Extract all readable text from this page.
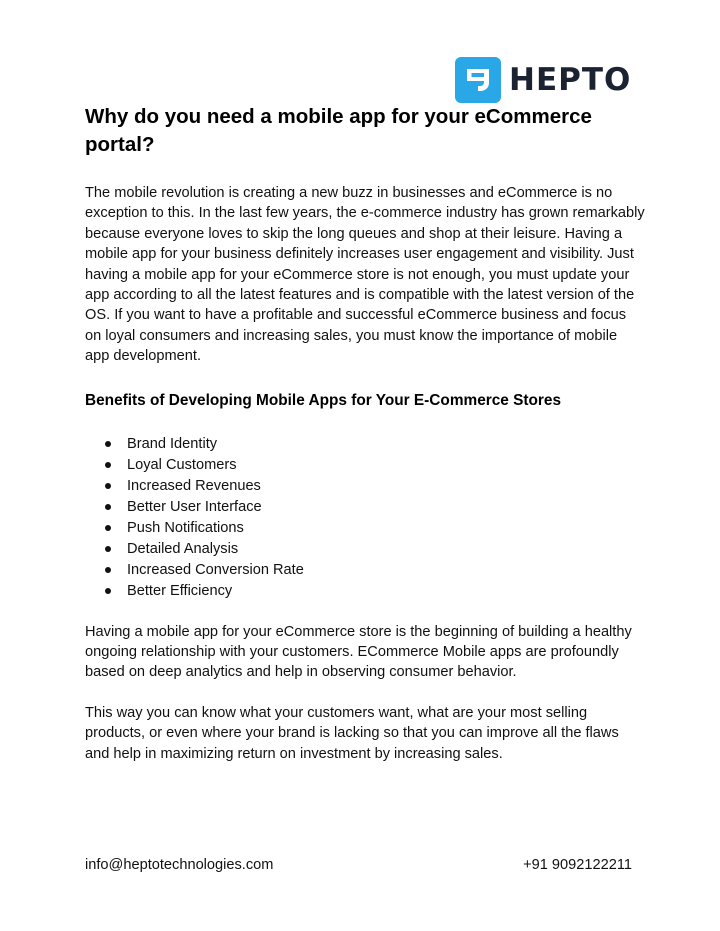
HEPTO
Why do you need a mobile app for your eCommerce portal?

The mobile revolution is creating a new buzz in businesses and eCommerce is no exception to this. In the last few years, the e-commerce industry has grown remarkably because everyone loves to skip the long queues and shop at their leisure. Having a mobile app for your business definitely increases user engagement and visibility. Just having a mobile app for your eCommerce store is not enough, you must update your app according to all the latest features and is compatible with the latest version of the OS. If you want to have a profitable and successful eCommerce business and focus on loyal consumers and increasing sales, you must know the importance of mobile app development.

Benefits of Developing Mobile Apps for Your E-Commerce Stores
Brand Identity
Loyal Customers
Increased Revenues
Better User Interface
Push Notifications
Detailed Analysis
Increased Conversion Rate
Better Efficiency

Having a mobile app for your eCommerce store is the beginning of building a healthy ongoing relationship with your customers. ECommerce Mobile apps are profoundly based on deep analytics and help in observing consumer behavior.

This way you can know what your customers want, what are your most selling products, or even where your brand is lacking so that you can improve all the flaws and help in maximizing return on investment by increasing sales.

info@heptotechnologies.com	+91 9092122211
